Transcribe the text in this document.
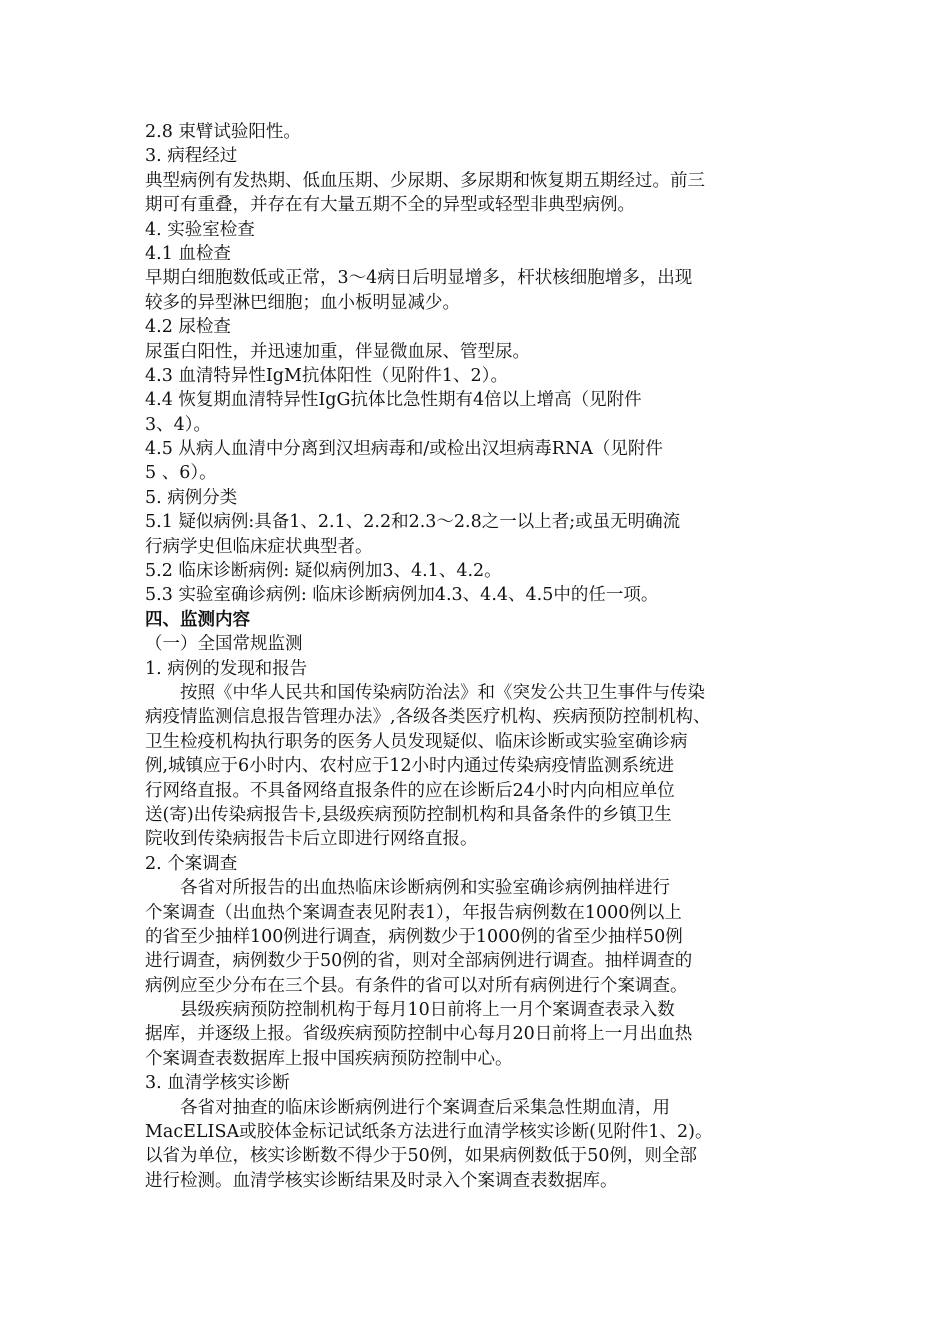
2.8 束臂试验阳性。
3. 病程经过
典型病例有发热期、低血压期、少尿期、多尿期和恢复期五期经过。前三
期可有重叠，并存在有大量五期不全的异型或轻型非典型病例。
4. 实验室检查
4.1 血检查
早期白细胞数低或正常，3～4病日后明显增多，杆状核细胞增多，出现
较多的异型淋巴细胞；血小板明显减少。
4.2 尿检查
尿蛋白阳性，并迅速加重，伴显微血尿、管型尿。
4.3 血清特异性IgM抗体阳性（见附件1、2）。
4.4 恢复期血清特异性IgG抗体比急性期有4倍以上增高（见附件
3、4）。
4.5 从病人血清中分离到汉坦病毒和/或检出汉坦病毒RNA（见附件
5 、6）。
5. 病例分类
5.1 疑似病例:具备1、2.1、2.2和2.3～2.8之一以上者;或虽无明确流
行病学史但临床症状典型者。
5.2 临床诊断病例: 疑似病例加3、4.1、4.2。
5.3 实验室确诊病例: 临床诊断病例加4.3、4.4、4.5中的任一项。
四、监测内容
（一）全国常规监测
1. 病例的发现和报告
按照《中华人民共和国传染病防治法》和《突发公共卫生事件与传染
病疫情监测信息报告管理办法》,各级各类医疗机构、疾病预防控制机构、
卫生检疫机构执行职务的医务人员发现疑似、临床诊断或实验室确诊病
例,城镇应于6小时内、农村应于12小时内通过传染病疫情监测系统进
行网络直报。不具备网络直报条件的应在诊断后24小时内向相应单位
送(寄)出传染病报告卡,县级疾病预防控制机构和具备条件的乡镇卫生
院收到传染病报告卡后立即进行网络直报。
2. 个案调查
各省对所报告的出血热临床诊断病例和实验室确诊病例抽样进行
个案调查（出血热个案调查表见附表1），年报告病例数在1000例以上
的省至少抽样100例进行调查，病例数少于1000例的省至少抽样50例
进行调查，病例数少于50例的省，则对全部病例进行调查。抽样调查的
病例应至少分布在三个县。有条件的省可以对所有病例进行个案调查。
县级疾病预防控制机构于每月10日前将上一月个案调查表录入数
据库，并逐级上报。省级疾病预防控制中心每月20日前将上一月出血热
个案调查表数据库上报中国疾病预防控制中心。
3. 血清学核实诊断
各省对抽查的临床诊断病例进行个案调查后采集急性期血清，用
MacELISA或胶体金标记试纸条方法进行血清学核实诊断(见附件1、2)。
以省为单位，核实诊断数不得少于50例，如果病例数低于50例，则全部
进行检测。血清学核实诊断结果及时录入个案调查表数据库。
